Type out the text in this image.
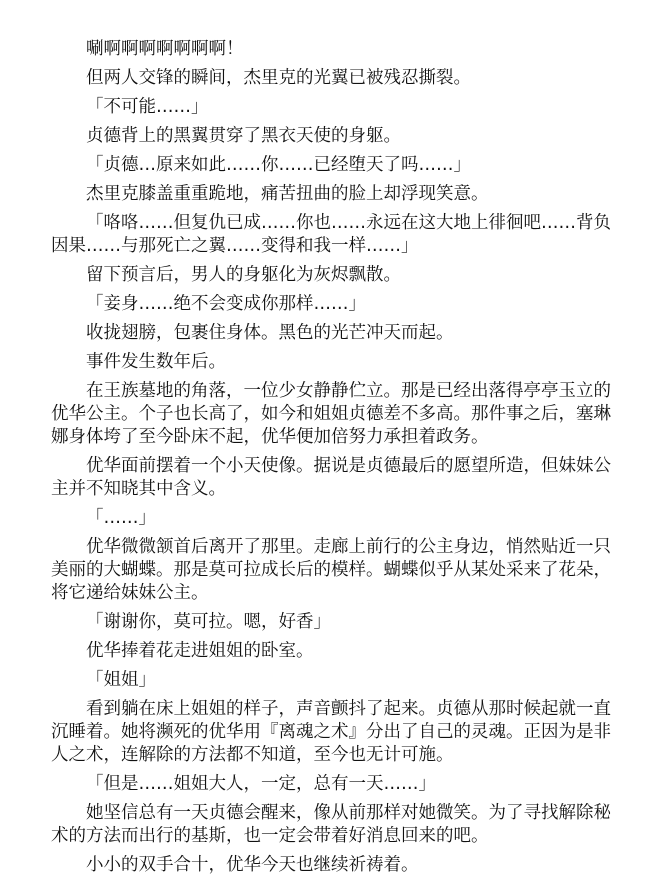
唰啊啊啊啊啊啊啊！

但两人交锋的瞬间，杰里克的光翼已被残忍撕裂。

「不可能……」

贞德背上的黑翼贯穿了黑衣天使的身躯。

「贞德…原来如此……你……已经堕天了吗……」

杰里克膝盖重重跪地，痛苦扭曲的脸上却浮现笑意。

「咯咯……但复仇已成……你也……永远在这大地上徘徊吧……背负因果……与那死亡之翼……变得和我一样……」

留下预言后，男人的身躯化为灰烬飘散。

「妾身……绝不会变成你那样……」

收拢翅膀，包裹住身体。黑色的光芒冲天而起。

事件发生数年后。

在王族墓地的角落，一位少女静静伫立。那是已经出落得亭亭玉立的优华公主。个子也长高了，如今和姐姐贞德差不多高。那件事之后，塞琳娜身体垮了至今卧床不起，优华便加倍努力承担着政务。

优华面前摆着一个小天使像。据说是贞德最后的愿望所造，但妹妹公主并不知晓其中含义。

「……」

优华微微颔首后离开了那里。走廊上前行的公主身边，悄然贴近一只美丽的大蝴蝶。那是莫可拉成长后的模样。蝴蝶似乎从某处采来了花朵，将它递给妹妹公主。

「谢谢你，莫可拉。嗯，好香」

优华捧着花走进姐姐的卧室。

「姐姐」

看到躺在床上姐姐的样子，声音颤抖了起来。贞德从那时候起就一直沉睡着。她将濒死的优华用『离魂之术』分出了自己的灵魂。正因为是非人之术，连解除的方法都不知道，至今也无计可施。

「但是……姐姐大人，一定，总有一天……」

她坚信总有一天贞德会醒来，像从前那样对她微笑。为了寻找解除秘术的方法而出行的基斯，也一定会带着好消息回来的吧。

小小的双手合十，优华今天也继续祈祷着。
